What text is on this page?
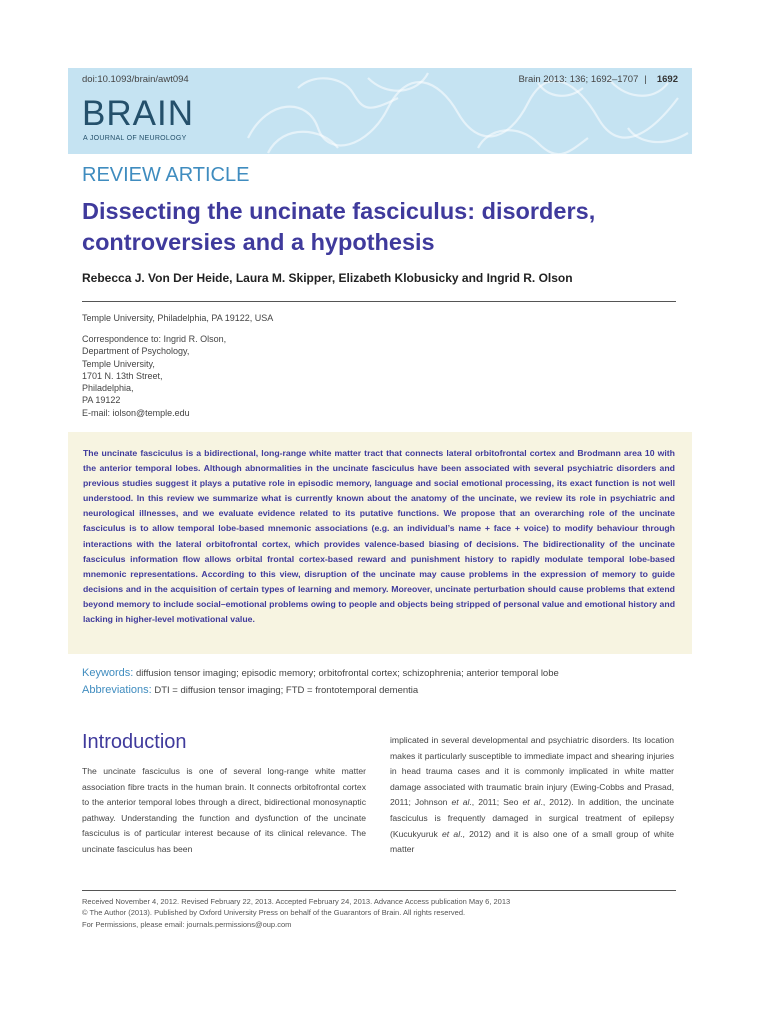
doi:10.1093/brain/awt094	Brain 2013: 136; 1692–1707 | 1692
BRAIN
A JOURNAL OF NEUROLOGY
REVIEW ARTICLE
Dissecting the uncinate fasciculus: disorders, controversies and a hypothesis
Rebecca J. Von Der Heide, Laura M. Skipper, Elizabeth Klobusicky and Ingrid R. Olson
Temple University, Philadelphia, PA 19122, USA
Correspondence to: Ingrid R. Olson,
Department of Psychology,
Temple University,
1701 N. 13th Street,
Philadelphia,
PA 19122
E-mail: iolson@temple.edu

The uncinate fasciculus is a bidirectional, long-range white matter tract that connects lateral orbitofrontal cortex and Brodmann area 10 with the anterior temporal lobes. Although abnormalities in the uncinate fasciculus have been associated with several psychiatric disorders and previous studies suggest it plays a putative role in episodic memory, language and social emotional processing, its exact function is not well understood. In this review we summarize what is currently known about the anatomy of the uncinate, we review its role in psychiatric and neurological illnesses, and we evaluate evidence related to its putative functions. We propose that an overarching role of the uncinate fasciculus is to allow temporal lobe-based mnemonic associations (e.g. an individual’s name + face + voice) to modify behaviour through interactions with the lateral orbitofrontal cortex, which provides valence-based biasing of decisions. The bidirectionality of the uncinate fasciculus information flow allows orbital frontal cortex-based reward and punishment history to rapidly modulate temporal lobe-based mnemonic representations. According to this view, disruption of the uncinate may cause problems in the expression of memory to guide decisions and in the acquisition of certain types of learning and memory. Moreover, uncinate perturbation should cause problems that extend beyond memory to include social–emotional problems owing to people and objects being stripped of personal value and emotional history and lacking in higher-level motivational value.

Keywords: diffusion tensor imaging; episodic memory; orbitofrontal cortex; schizophrenia; anterior temporal lobe
Abbreviations: DTI = diffusion tensor imaging; FTD = frontotemporal dementia
Introduction

The uncinate fasciculus is one of several long-range white matter association fibre tracts in the human brain. It connects orbitofrontal cortex to the anterior temporal lobes through a direct, bidirectional monosynaptic pathway. Understanding the function and dysfunction of the uncinate fasciculus is of particular interest because of its clinical relevance. The uncinate fasciculus has been

implicated in several developmental and psychiatric disorders. Its location makes it particularly susceptible to immediate impact and shearing injuries in head trauma cases and it is commonly implicated in white matter damage associated with traumatic brain injury (Ewing-Cobbs and Prasad, 2011; Johnson et al., 2011; Seo et al., 2012). In addition, the uncinate fasciculus is frequently damaged in surgical treatment of epilepsy (Kucukyuruk et al., 2012) and it is also one of a small group of white matter

Received November 4, 2012. Revised February 22, 2013. Accepted February 24, 2013. Advance Access publication May 6, 2013
© The Author (2013). Published by Oxford University Press on behalf of the Guarantors of Brain. All rights reserved.
For Permissions, please email: journals.permissions@oup.com
